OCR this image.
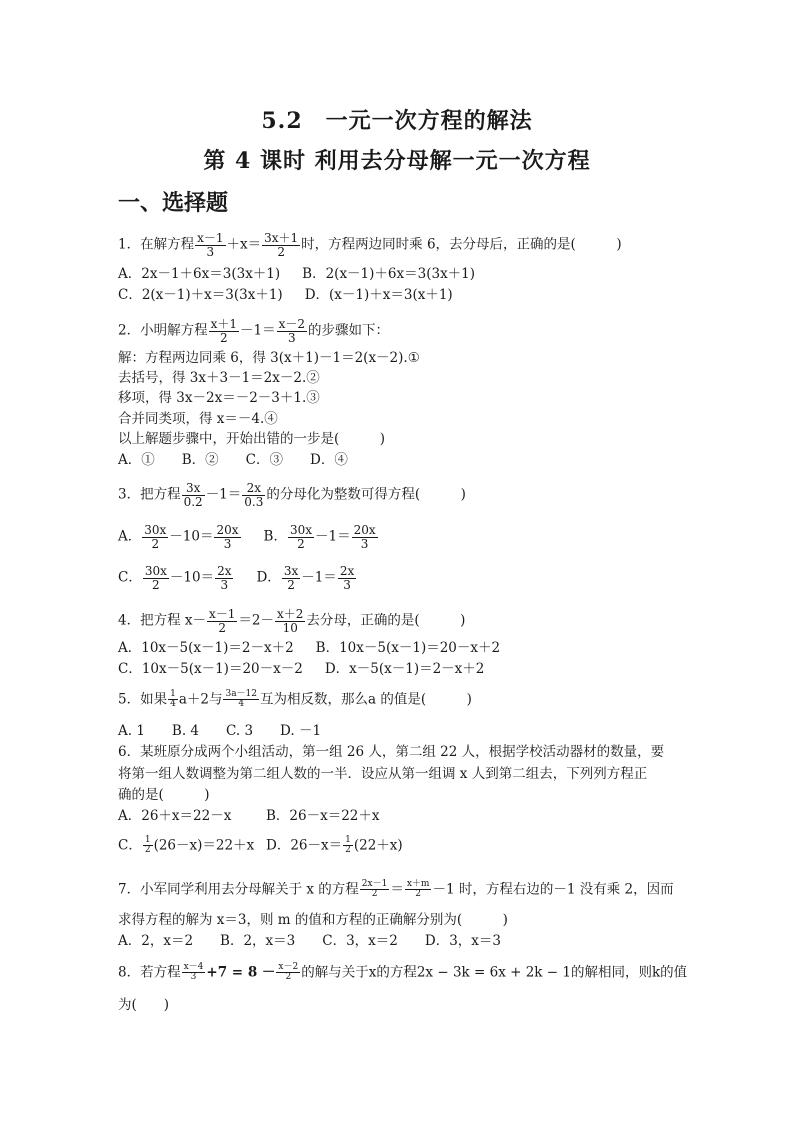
5.2　一元一次方程的解法
第 4 课时 利用去分母解一元一次方程
一、选择题
1．在解方程 $\frac{x-1}{3} +x= \frac{3x+1}{2}$ 时，方程两边同时乘 6，去分母后，正确的是(　　　)
A．2x－1＋6x＝3(3x＋1) B．2(x－1)＋6x＝3(3x＋1)
C．2(x－1)＋x＝3(3x＋1) D．(x－1)＋x＝3(x＋1)
2．小明解方程 $\frac{x+1}{2} -1= \frac{x-2}{3}$ 的步骤如下：
解：方程两边同乘 6，得 3(x＋1)－1＝2(x－2).①
去括号，得 3x＋3－1＝2x－2.②
移项，得 3x－2x＝－2－3＋1.③
合并同类项，得 x＝－4.④
以上解题步骤中，开始出错的一步是(　　　)
A．①　　B．②　　C．③　　D．④
3．把方程 $\frac{3x}{0.2} -1= \frac{2x}{0.3}$ 的分母化为整数可得方程(　　　)
A． $\frac{30x}{2} -10= \frac{20x}{3}$ B． $\frac{30x}{2} -1= \frac{20x}{3}$
C． $\frac{30x}{2} -10= \frac{2x}{3}$ D． $\frac{3x}{2} -1= \frac{2x}{3}$
4．把方程 $x- \frac{x-1}{2} =2- \frac{x+2}{10}$ 去分母，正确的是(　　　)
A．10x－5(x－1)＝2－x＋2 B．10x－5(x－1)＝20－x＋2
C．10x－5(x－1)＝20－x－2 D．x－5(x－1)＝2－x＋2
5．如果 $\frac{1}{4} a+2$与 $\frac{3a-12}{4}$ 互为相反数，那么a 的值是(　　　)
A. 1　　B. 4　　C. 3　　D. －1
6．某班原分成两个小组活动，第一组 26 人，第二组 22 人，根据学校活动器材的数量，要
将第一组人数调整为第二组人数的一半．设应从第一组调 x 人到第二组去，下列列方程正
确的是(　　　)
A．26＋x＝22－x	B．26－x＝22＋x
C． $\frac{1}{2} (26-x)=22+x$ D．$26-x= \frac{1}{2} (22+x)$
7．小军同学利用去分母解关于 x 的方程 $\frac{2x-1}{2} = \frac{x+m}{2} -1$ 时，方程右边的－1 没有乘 2，因而
求得方程的解为 x＝3，则 m 的值和方程的正确解分别为(　　　)
A．2，x＝2　　B．2，x＝3　　C．3，x＝2　　D．3，x＝3
8．若方程 $\frac{x-4}{3} +7 = 8 - \frac{x-2}{2}$ 的解与关于x的方程2x − 3k = 6x + 2k − 1的解相同，则k的值
为(　　)
